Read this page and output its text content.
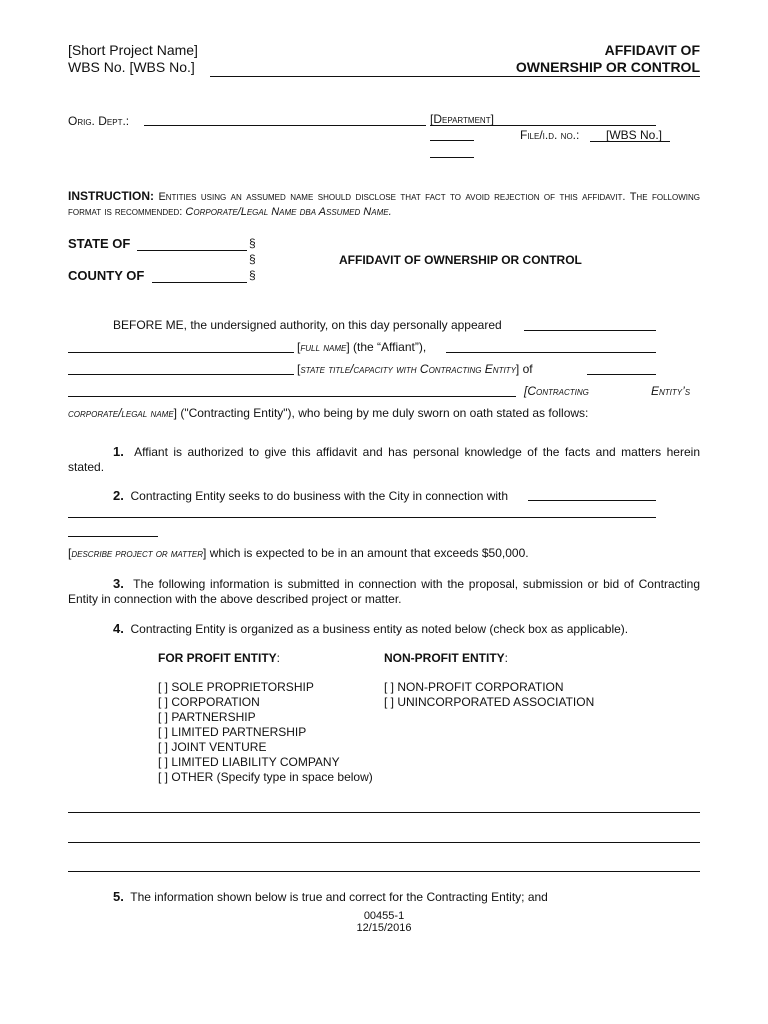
[Short Project Name]
WBS No. [WBS No.]
AFFIDAVIT OF
OWNERSHIP OR CONTROL
Orig. Dept.:	[Department]
File/i.d. no.: [WBS No.]
INSTRUCTION: Entities using an assumed name should disclose that fact to avoid rejection of this affidavit. The following format is recommended: Corporate/Legal Name dba Assumed Name.
STATE OF	§
§
COUNTY OF	§
AFFIDAVIT OF OWNERSHIP OR CONTROL
BEFORE ME, the undersigned authority, on this day personally appeared
[full name] (the “Affiant”),
[state title/capacity with Contracting Entity] of
[Contracting	Entity’s
corporate/legal name] ("Contracting Entity"), who being by me duly sworn on oath stated as follows:
1. Affiant is authorized to give this affidavit and has personal knowledge of the facts and matters herein stated.
2. Contracting Entity seeks to do business with the City in connection with
[describe project or matter] which is expected to be in an amount that exceeds $50,000.
3. The following information is submitted in connection with the proposal, submission or bid of Contracting Entity in connection with the above described project or matter.
4. Contracting Entity is organized as a business entity as noted below (check box as applicable).
FOR PROFIT ENTITY:	NON-PROFIT ENTITY:
[ ] SOLE PROPRIETORSHIP
[ ] CORPORATION
[ ] PARTNERSHIP
[ ] LIMITED PARTNERSHIP
[ ] JOINT VENTURE
[ ] LIMITED LIABILITY COMPANY
[ ] OTHER (Specify type in space below)
[ ] NON-PROFIT CORPORATION
[ ] UNINCORPORATED ASSOCIATION
5. The information shown below is true and correct for the Contracting Entity; and
00455-1
12/15/2016
